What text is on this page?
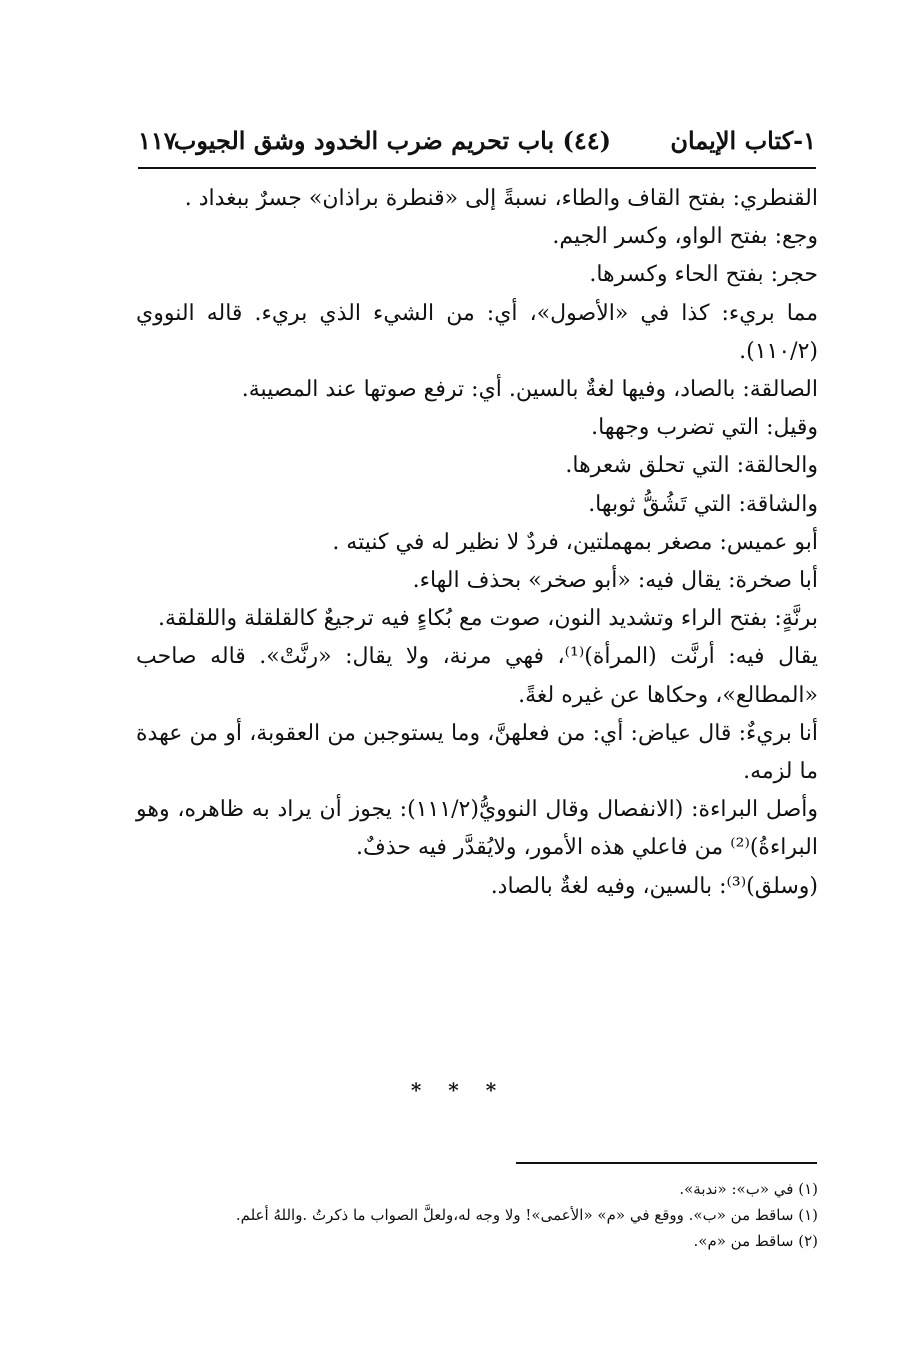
١-كتاب الإيمان
(٤٤) باب تحريم ضرب الخدود وشق الجيوب
١١٧

القنطري: بفتح القاف والطاء، نسبةً إلى «قنطرة براذان» جسرٌ ببغداد .

وجع: بفتح الواو، وكسر الجيم.

حجر: بفتح الحاء وكسرها.

مما بريء: كذا في «الأصول»، أي: من الشيء الذي بريء. قاله النووي (١١٠/٢).

الصالقة: بالصاد، وفيها لغةٌ بالسين. أي: ترفع صوتها عند المصيبة.

وقيل: التي تضرب وجهها.

والحالقة: التي تحلق شعرها.

والشاقة: التي تَشُقُّ ثوبها.

أبو عميس: مصغر بمهملتين، فردٌ لا نظير له في كنيته .

أبا صخرة: يقال فيه: «أبو صخر» بحذف الهاء.

برنَّةٍ: بفتح الراء وتشديد النون، صوت مع بُكاءٍ فيه ترجيعٌ كالقلقلة واللقلقة.

يقال فيه: أرنَّت (المرأة)⁽¹⁾، فهي مرنة، ولا يقال: «رنَّتْ». قاله صاحب «المطالع»، وحكاها عن غيره لغةً.

أنا بريءٌ: قال عياض: أي: من فعلهنَّ، وما يستوجبن من العقوبة، أو من عهدة ما لزمه.

وأصل البراءة: (الانفصال وقال النوويُّ(١١١/٢): يجوز أن يراد به ظاهره، وهو البراءةُ)⁽²⁾ من فاعلي هذه الأمور، ولايُقدَّر فيه حذفٌ.

(وسلق)⁽³⁾: بالسين، وفيه لغةٌ بالصاد.

* * *

(١) في «ب»: «ندبة».

(١) ساقط من «ب». ووقع في «م» «الأعمى»! ولا وجه له،ولعلَّ الصواب ما ذكرتُ .واللهُ أعلم.

(٢) ساقط من «م».
